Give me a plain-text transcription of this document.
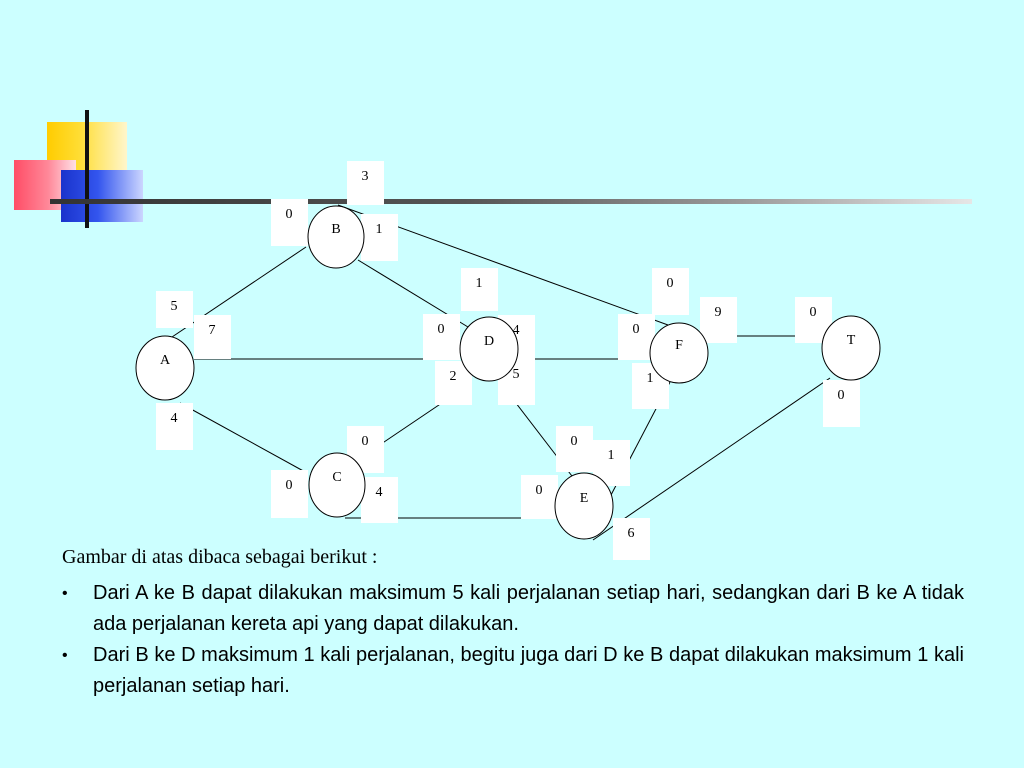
5
0
7	0
4
0
1
1
3
0
2
0
4	0
4	0
5
0
1
1
6
0
9	0
A
B
C
D
E
F	T
Gambar di atas dibaca sebagai berikut :
• Dari A ke B dapat dilakukan maksimum 5 kali perjalanan setiap hari, sedangkan dari B ke A tidak ada perjalanan kereta api yang dapat dilakukan.
• Dari B ke D maksimum 1 kali perjalanan, begitu juga dari D ke B dapat dilakukan maksimum 1 kali perjalanan setiap hari.
